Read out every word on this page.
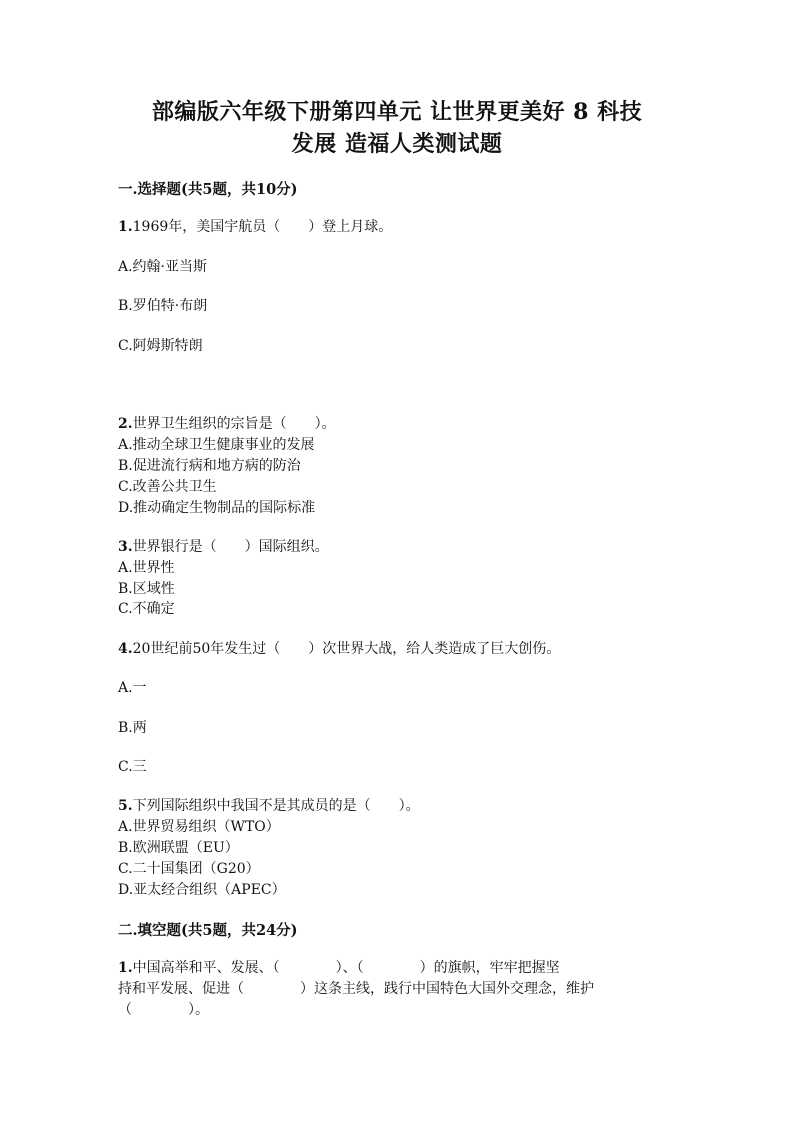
部编版六年级下册第四单元 让世界更美好 8 科技
发展 造福人类测试题
一.选择题(共5题，共10分)
1.1969年，美国宇航员（　　）登上月球。
A.约翰·亚当斯
B.罗伯特·布朗
C.阿姆斯特朗
2.世界卫生组织的宗旨是（　　）。
A.推动全球卫生健康事业的发展
B.促进流行病和地方病的防治
C.改善公共卫生
D.推动确定生物制品的国际标准
3.世界银行是（　　）国际组织。
A.世界性
B.区域性
C.不确定
4.20世纪前50年发生过（　　）次世界大战，给人类造成了巨大创伤。
A.一
B.两
C.三
5.下列国际组织中我国不是其成员的是（　　）。
A.世界贸易组织（WTO）
B.欧洲联盟（EU）
C.二十国集团（G20）
D.亚太经合组织（APEC）
二.填空题(共5题，共24分)
1.中国高举和平、发展、（　　　　）、（　　　　）的旗帜，牢牢把握坚
持和平发展、促进（　　　　）这条主线，践行中国特色大国外交理念，维护
（　　　　）。
